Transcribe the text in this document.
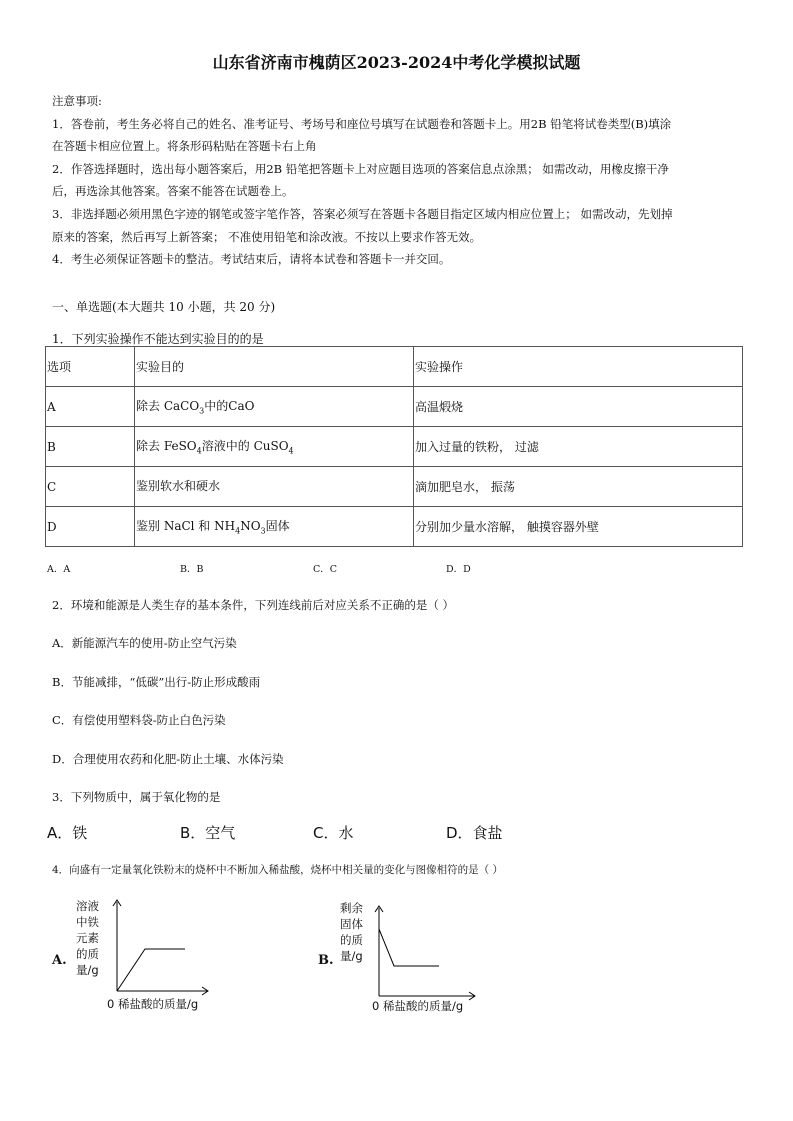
山东省济南市槐荫区2023-2024中考化学模拟试题
注意事项:
1．答卷前，考生务必将自己的姓名、准考证号、考场号和座位号填写在试题卷和答题卡上。用2B 铅笔将试卷类型(B)填涂
在答题卡相应位置上。将条形码粘贴在答题卡右上角
2．作答选择题时，选出每小题答案后，用2B 铅笔把答题卡上对应题目选项的答案信息点涂黑； 如需改动，用橡皮擦干净
后，再选涂其他答案。答案不能答在试题卷上。
3．非选择题必须用黑色字迹的钢笔或签字笔作答，答案必须写在答题卡各题目指定区域内相应位置上； 如需改动，先划掉
原来的答案，然后再写上新答案； 不准使用铅笔和涂改液。不按以上要求作答无效。
4．考生必须保证答题卡的整洁。考试结束后，请将本试卷和答题卡一并交回。
一、单选题(本大题共 10 小题，共 20 分)
1．下列实验操作不能达到实验目的的是
选项	实验目的	实验操作
A	除去 CaCO$_3$中的CaO	高温煅烧
B	除去 FeSO$_4$溶液中的 CuSO$_4$	加入过量的铁粉， 过滤
C	鉴别软水和硬水	滴加肥皂水， 振荡
D	鉴别 NaCl 和 $NH_4NO_3$固体	分别加少量水溶解， 触摸容器外壁
A．A	B．B	C．C	D．D
2．环境和能源是人类生存的基本条件，下列连线前后对应关系不正确的是（ ）
A．新能源汽车的使用-防止空气污染
B．节能减排，“低碳”出行-防止形成酸雨
C．有偿使用塑料袋-防止白色污染
D．合理使用农药和化肥-防止土壤、水体污染
3．下列物质中，属于氧化物的是
A．铁	B．空气	C．水	D．食盐
4．向盛有一定量氧化铁粉末的烧杯中不断加入稀盐酸，烧杯中相关量的变化与图像相符的是（ ）
A.
溶液中铁元素的质量/g
0 稀盐酸的质量/g
B.
剩余固体的质量/g
0 稀盐酸的质量/g
